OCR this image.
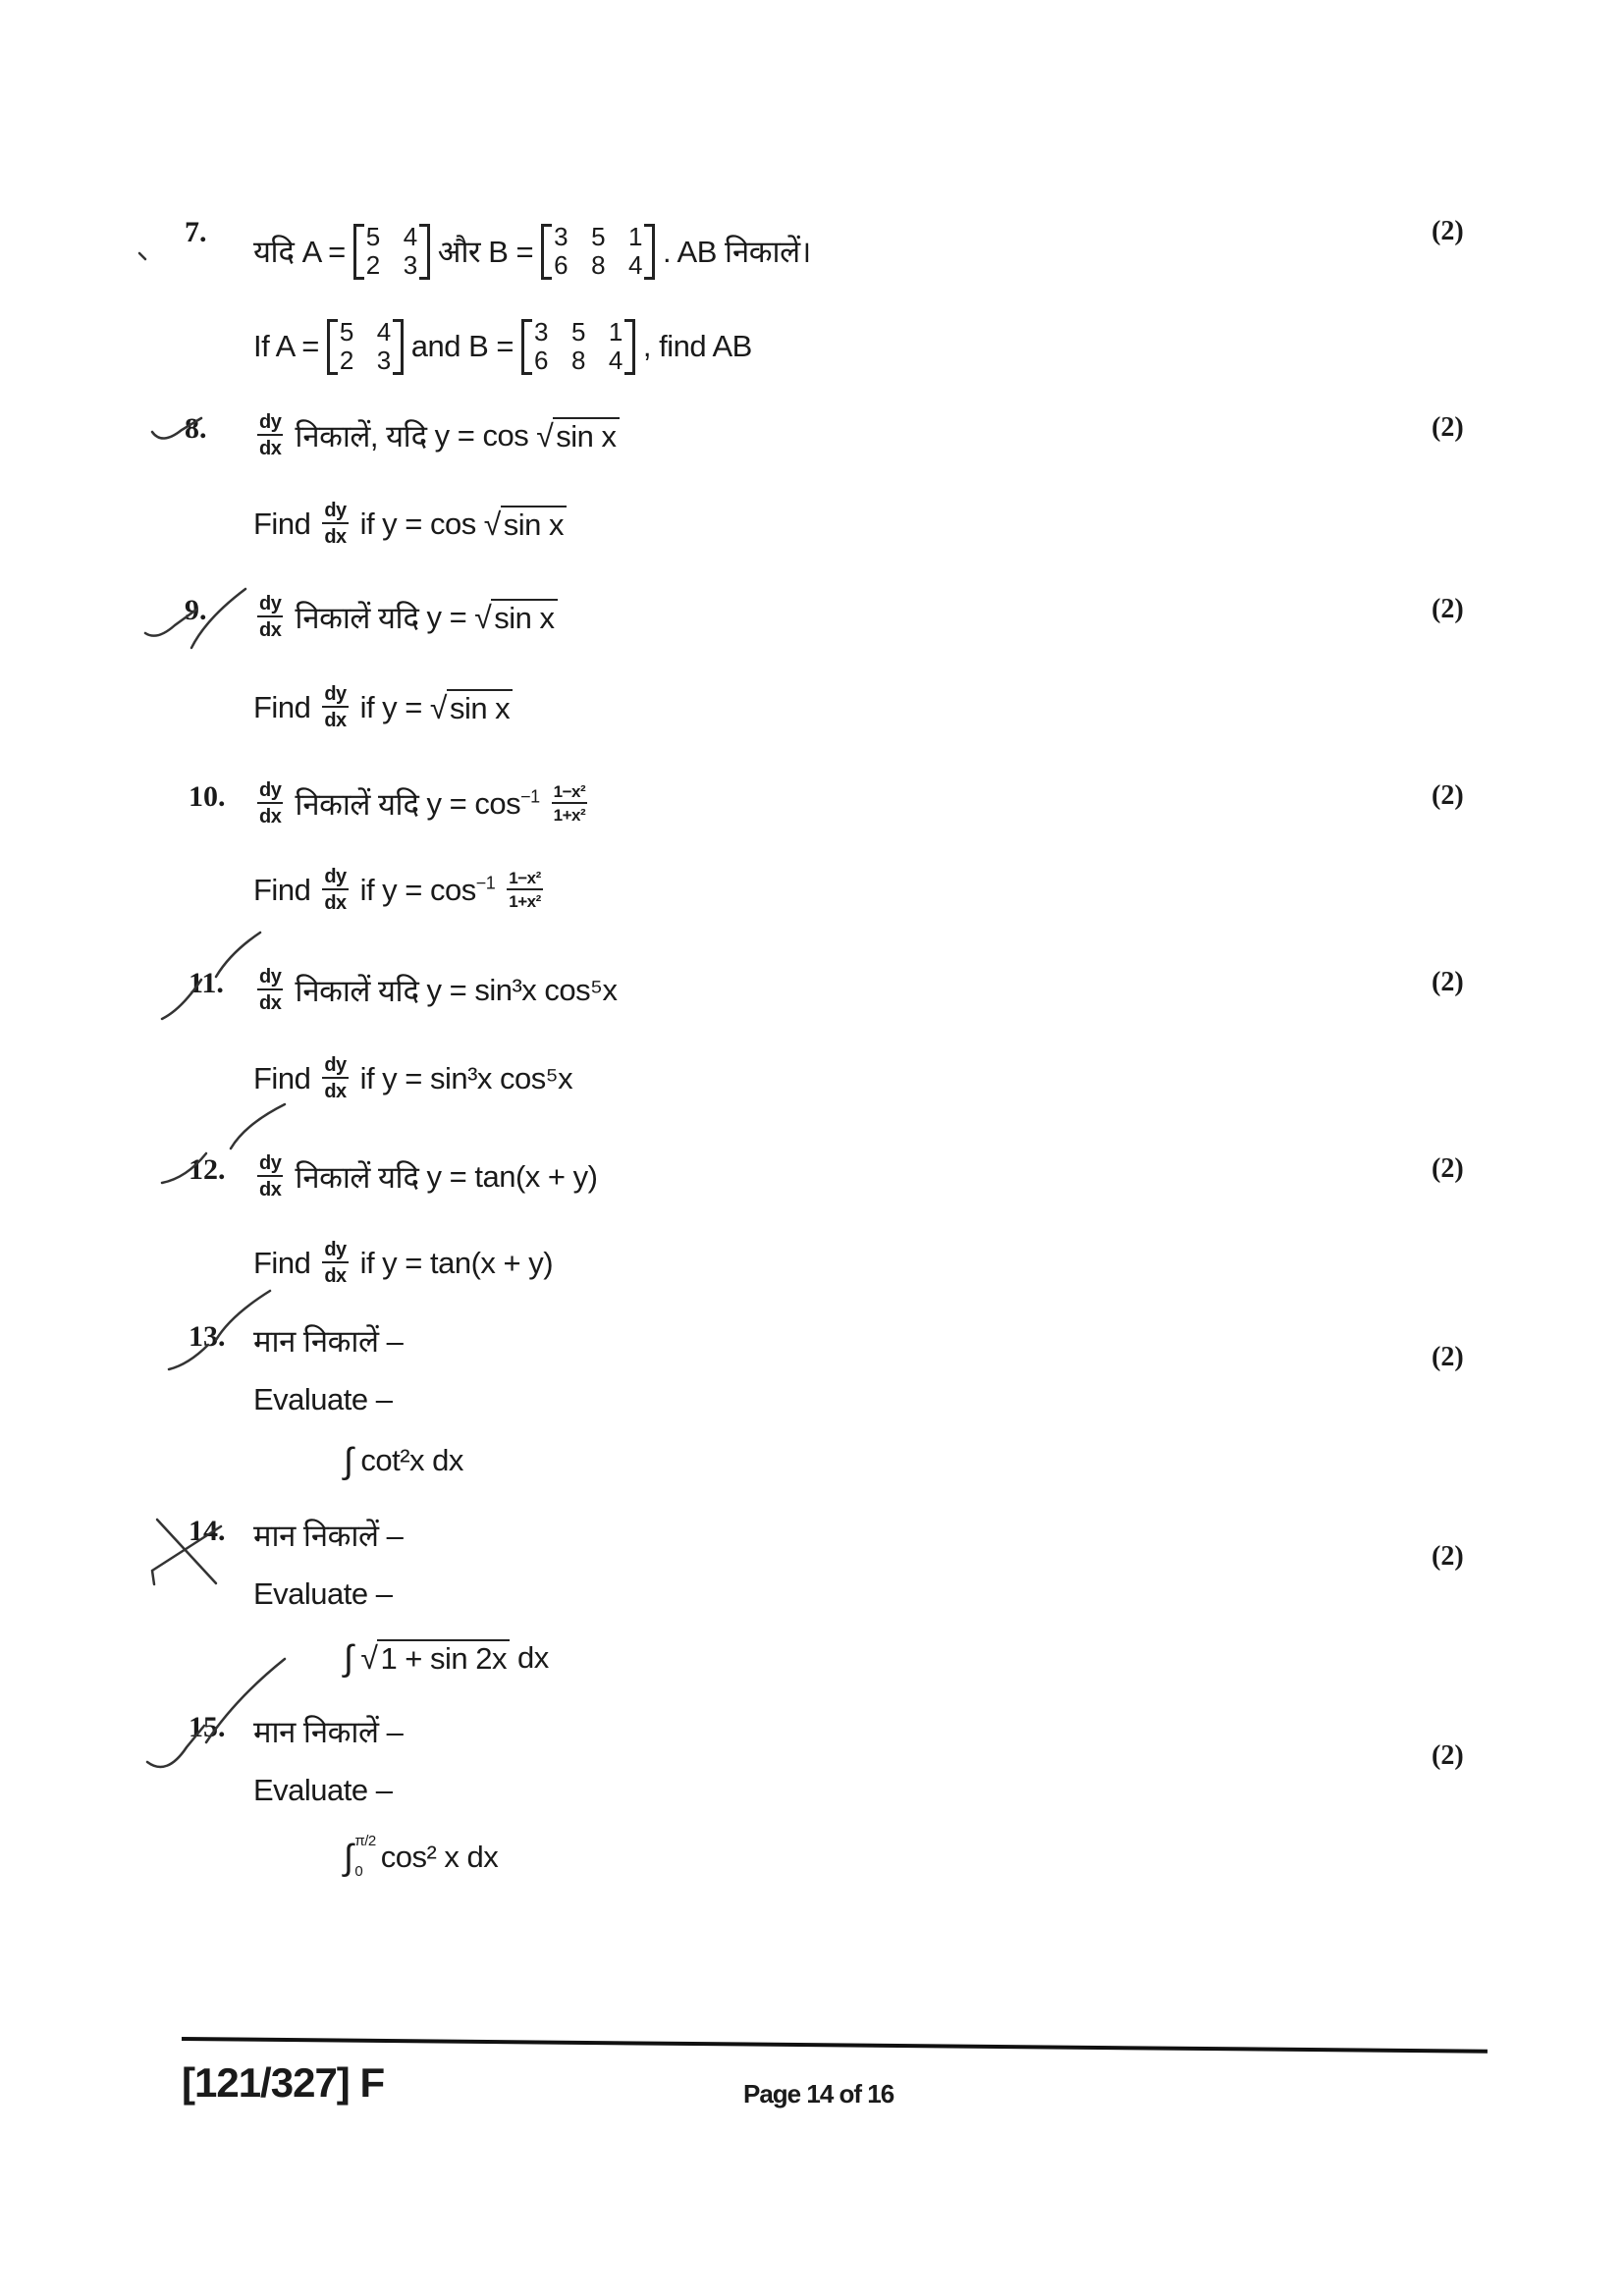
7.	(2)
यदि A = 5 4
2 3 और B = 3 5 1
6 8 4 . AB निकालें।
If A = 5 4
2 3 and B = 3 5 1
6 8 4 , find AB
8.	(2)
$\frac{dy}{dx}$ निकालें, यदि y = cos √ sin x
Find $\frac{dy}{dx}$ if y = cos √ sin x
9.	(2)
$\frac{dy}{dx}$ निकालें यदि y = √ sin x
Find $\frac{dy}{dx}$ if y = √ sin x
10.	(2)
$\frac{dy}{dx}$ निकालें यदि $y = \cos^{-1} \frac{\text{1−x²}}{\text{1+x²}}$
Find $\frac{dy}{dx}$ if $y = \cos^{-1} \frac{\text{1−x²}}{\text{1+x²}}$
11.	(2)
$\frac{dy}{dx}$ निकालें यदि y = sin³x cos⁵x
Find $\frac{dy}{dx}$ if y = sin³x cos⁵x
12.	(2)
$\frac{dy}{dx}$ निकालें यदि y = tan(x + y)
Find $\frac{dy}{dx}$ if y = tan(x + y)
13.
(2)
मान निकालें –
Evaluate –
∫ cot²x dx
14.
(2)
मान निकालें –
Evaluate –
∫ √ 1 + sin 2x dx
15.
(2)
मान निकालें –
Evaluate –
∫ π/2
0 cos² x dx
[121/327] F	Page 14 of 16
